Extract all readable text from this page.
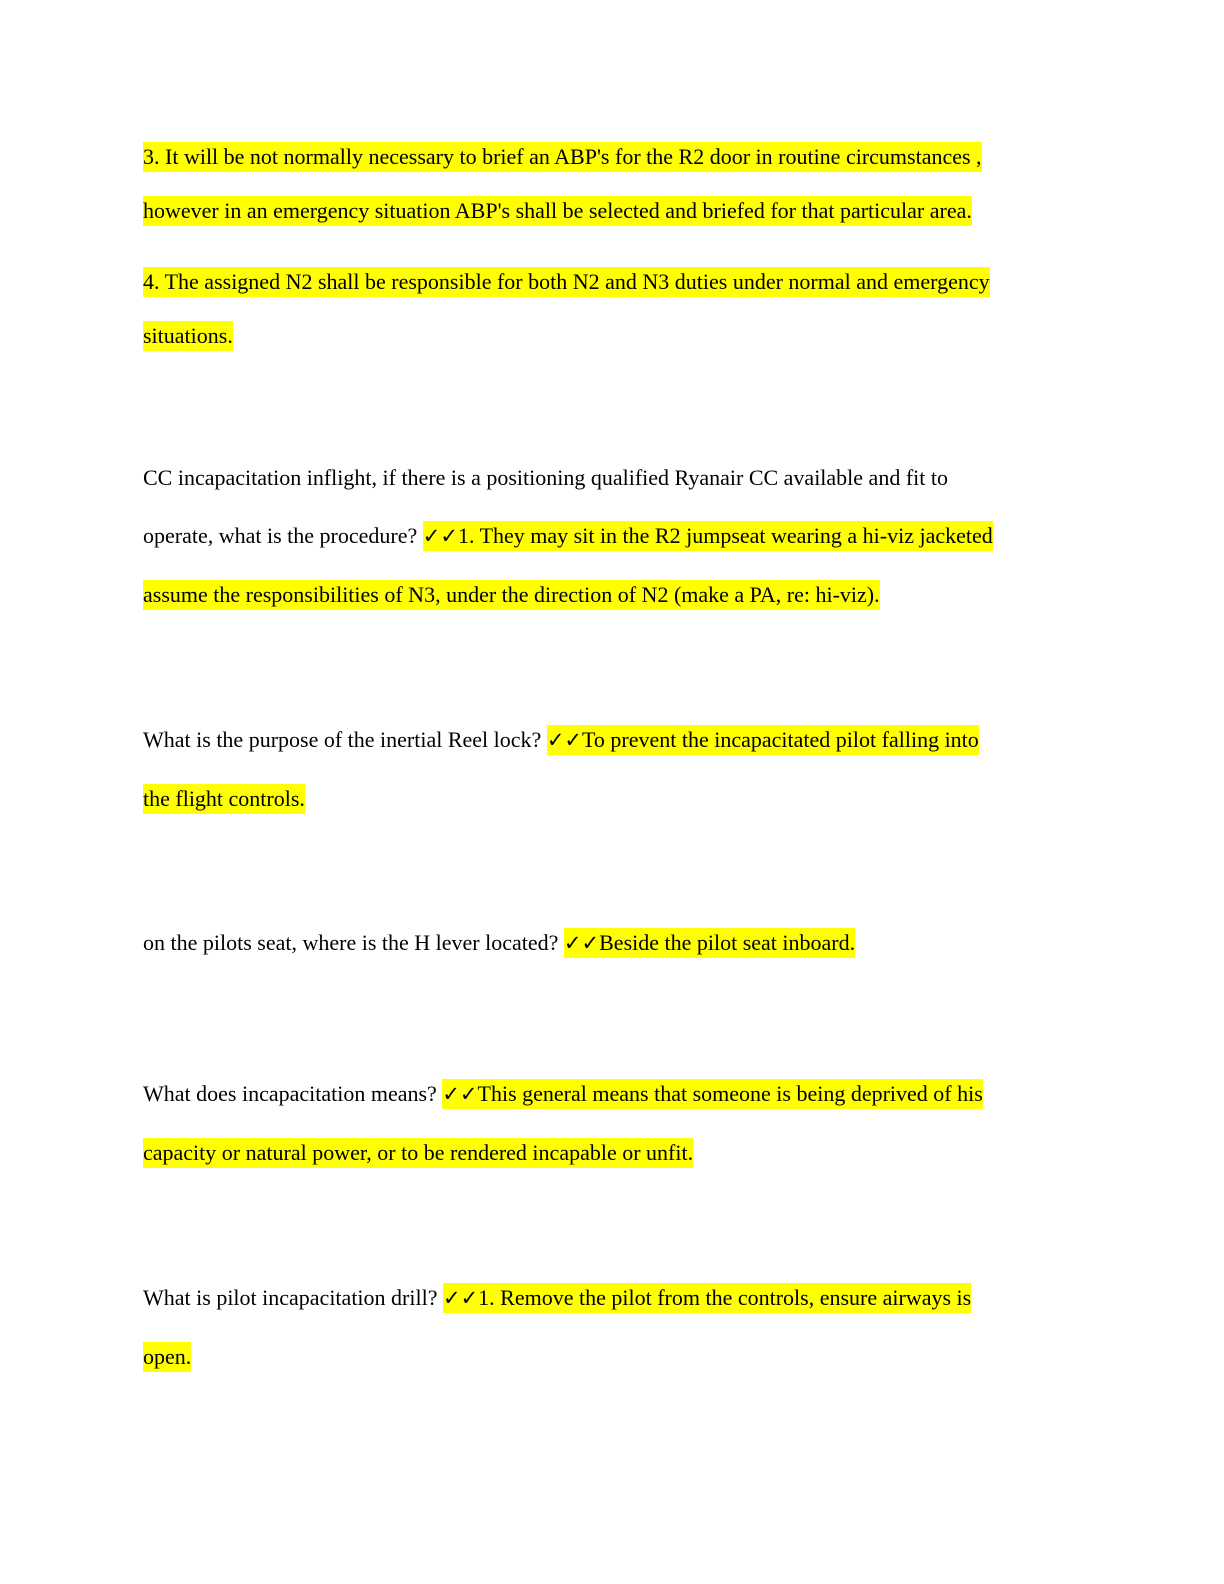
3. It will be not normally necessary to brief an ABP's for the R2 door in routine circumstances ,
however in an emergency situation ABP's shall be selected and briefed for that particular area.
4. The assigned N2 shall be responsible for both N2 and N3 duties under normal and emergency
situations.
CC incapacitation inflight, if there is a positioning qualified Ryanair CC available and fit to
operate, what is the procedure? ✓✓1. They may sit in the R2 jumpseat wearing a hi-viz jacketed
assume the responsibilities of N3, under the direction of N2 (make a PA, re: hi-viz).
What is the purpose of the inertial Reel lock? ✓✓To prevent the incapacitated pilot falling into
the flight controls.
on the pilots seat, where is the H lever located? ✓✓Beside the pilot seat inboard.
What does incapacitation means? ✓✓This general means that someone is being deprived of his
capacity or natural power, or to be rendered incapable or unfit.
What is pilot incapacitation drill? ✓✓1. Remove the pilot from the controls, ensure airways is
open.
